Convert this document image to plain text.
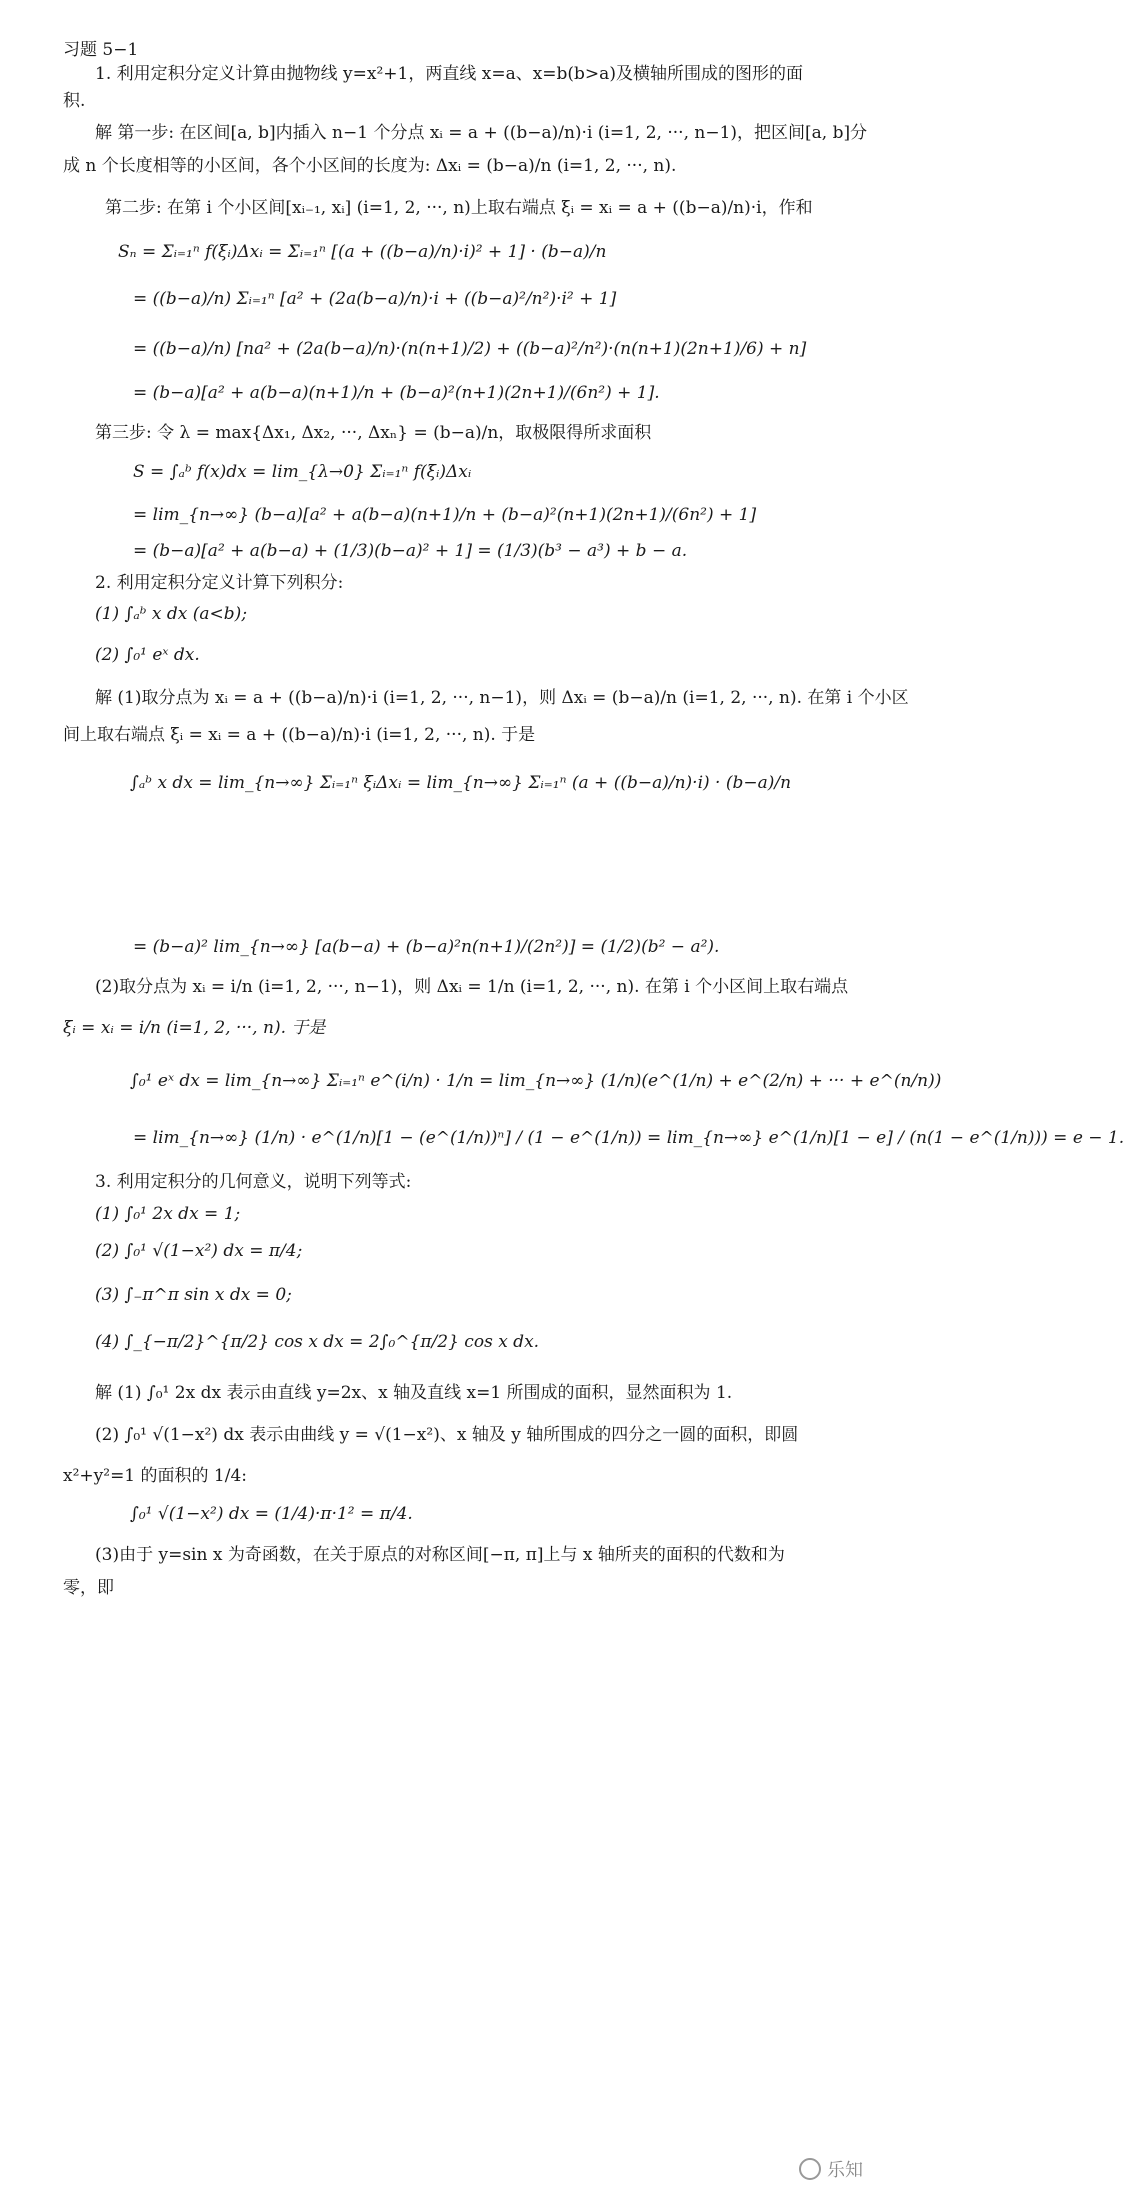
习题 5−1
1. 利用定积分定义计算由抛物线 y=x²+1，两直线 x=a、x=b(b>a)及横轴所围成的图形的面
积.
解 第一步: 在区间[a, b]内插入 n−1 个分点 xᵢ = a + ((b−a)/n)·i (i=1, 2, ···, n−1)，把区间[a, b]分
成 n 个长度相等的小区间，各个小区间的长度为: Δxᵢ = (b−a)/n (i=1, 2, ···, n).
第二步: 在第 i 个小区间[xᵢ₋₁, xᵢ] (i=1, 2, ···, n)上取右端点 ξᵢ = xᵢ = a + ((b−a)/n)·i，作和
Sₙ = Σᵢ₌₁ⁿ f(ξᵢ)Δxᵢ = Σᵢ₌₁ⁿ [(a + ((b−a)/n)·i)² + 1] · (b−a)/n
= ((b−a)/n) Σᵢ₌₁ⁿ [a² + (2a(b−a)/n)·i + ((b−a)²/n²)·i² + 1]
= ((b−a)/n) [na² + (2a(b−a)/n)·(n(n+1)/2) + ((b−a)²/n²)·(n(n+1)(2n+1)/6) + n]
= (b−a)[a² + a(b−a)(n+1)/n + (b−a)²(n+1)(2n+1)/(6n²) + 1].
第三步: 令 λ = max{Δx₁, Δx₂, ···, Δxₙ} = (b−a)/n，取极限得所求面积
S = ∫ₐᵇ f(x)dx = lim_{λ→0} Σᵢ₌₁ⁿ f(ξᵢ)Δxᵢ
= lim_{n→∞} (b−a)[a² + a(b−a)(n+1)/n + (b−a)²(n+1)(2n+1)/(6n²) + 1]
= (b−a)[a² + a(b−a) + (1/3)(b−a)² + 1] = (1/3)(b³ − a³) + b − a.
2. 利用定积分定义计算下列积分:
(1) ∫ₐᵇ x dx (a<b);
(2) ∫₀¹ eˣ dx.
解 (1)取分点为 xᵢ = a + ((b−a)/n)·i (i=1, 2, ···, n−1)，则 Δxᵢ = (b−a)/n (i=1, 2, ···, n). 在第 i 个小区
间上取右端点 ξᵢ = xᵢ = a + ((b−a)/n)·i (i=1, 2, ···, n). 于是
∫ₐᵇ x dx = lim_{n→∞} Σᵢ₌₁ⁿ ξᵢΔxᵢ = lim_{n→∞} Σᵢ₌₁ⁿ (a + ((b−a)/n)·i) · (b−a)/n
= (b−a)² lim_{n→∞} [a(b−a) + (b−a)²n(n+1)/(2n²)] = (1/2)(b² − a²).
(2)取分点为 xᵢ = i/n (i=1, 2, ···, n−1)，则 Δxᵢ = 1/n (i=1, 2, ···, n). 在第 i 个小区间上取右端点
ξᵢ = xᵢ = i/n (i=1, 2, ···, n). 于是
∫₀¹ eˣ dx = lim_{n→∞} Σᵢ₌₁ⁿ e^(i/n) · 1/n = lim_{n→∞} (1/n)(e^(1/n) + e^(2/n) + ··· + e^(n/n))
= lim_{n→∞} (1/n) · e^(1/n)[1 − (e^(1/n))ⁿ] / (1 − e^(1/n)) = lim_{n→∞} e^(1/n)[1 − e] / (n(1 − e^(1/n))) = e − 1.
3. 利用定积分的几何意义，说明下列等式:
(1) ∫₀¹ 2x dx = 1;
(2) ∫₀¹ √(1−x²) dx = π/4;
(3) ∫₋π^π sin x dx = 0;
(4) ∫_{−π/2}^{π/2} cos x dx = 2∫₀^{π/2} cos x dx.
解 (1) ∫₀¹ 2x dx 表示由直线 y=2x、x 轴及直线 x=1 所围成的面积，显然面积为 1.
(2) ∫₀¹ √(1−x²) dx 表示由曲线 y = √(1−x²)、x 轴及 y 轴所围成的四分之一圆的面积，即圆
x²+y²=1 的面积的 1/4:
∫₀¹ √(1−x²) dx = (1/4)·π·1² = π/4.
(3)由于 y=sin x 为奇函数，在关于原点的对称区间[−π, π]上与 x 轴所夹的面积的代数和为
零，即
乐知
